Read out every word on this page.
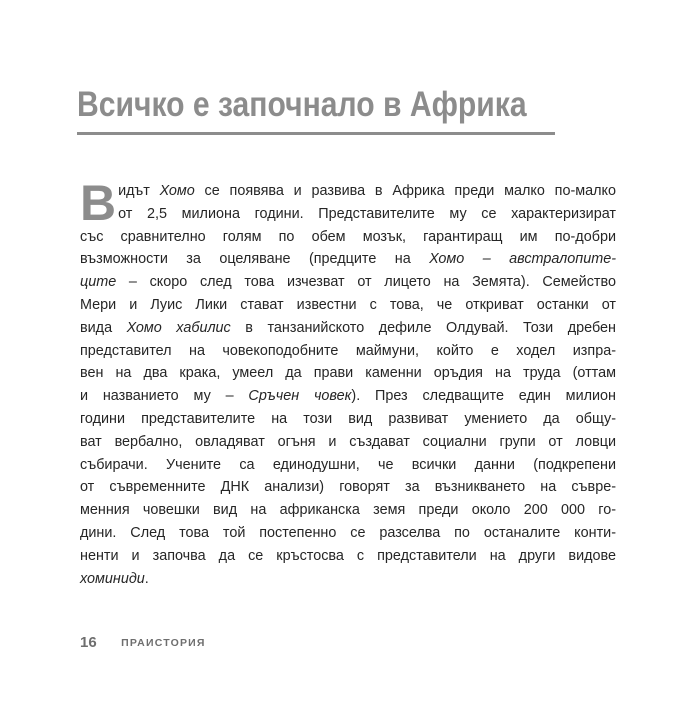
Всичко е започнало в Африка
Видът Хомо се появява и развива в Африка преди малко по-малко
от 2,5 милиона години. Представителите му се характеризират
със сравнително голям по обем мозък, гарантиращ им по-добри
възможности за оцеляване (предците на Хомо – австралопите-
ците – скоро след това изчезват от лицето на Земята). Семейство
Мери и Луис Лики стават известни с това, че откриват останки от
вида Хомо хабилис в танзанийското дефиле Олдувай. Този дребен
представител на човекоподобните маймуни, който е ходел изпра-
вен на два крака, умеел да прави каменни оръдия на труда (оттам
и названието му – Сръчен човек). През следващите един милион
години представителите на този вид развиват умението да общу-
ват вербално, овладяват огъня и създават социални групи от ловци
събирачи. Учените са единодушни, че всички данни (подкрепени
от съвременните ДНК анализи) говорят за възникването на съвре-
менния човешки вид на африканска земя преди около 200 000 го-
дини. След това той постепенно се разселва по останалите конти-
ненти и започва да се кръстосва с представители на други видове
хоминиди.
16 ПРАИСТОРИЯ
